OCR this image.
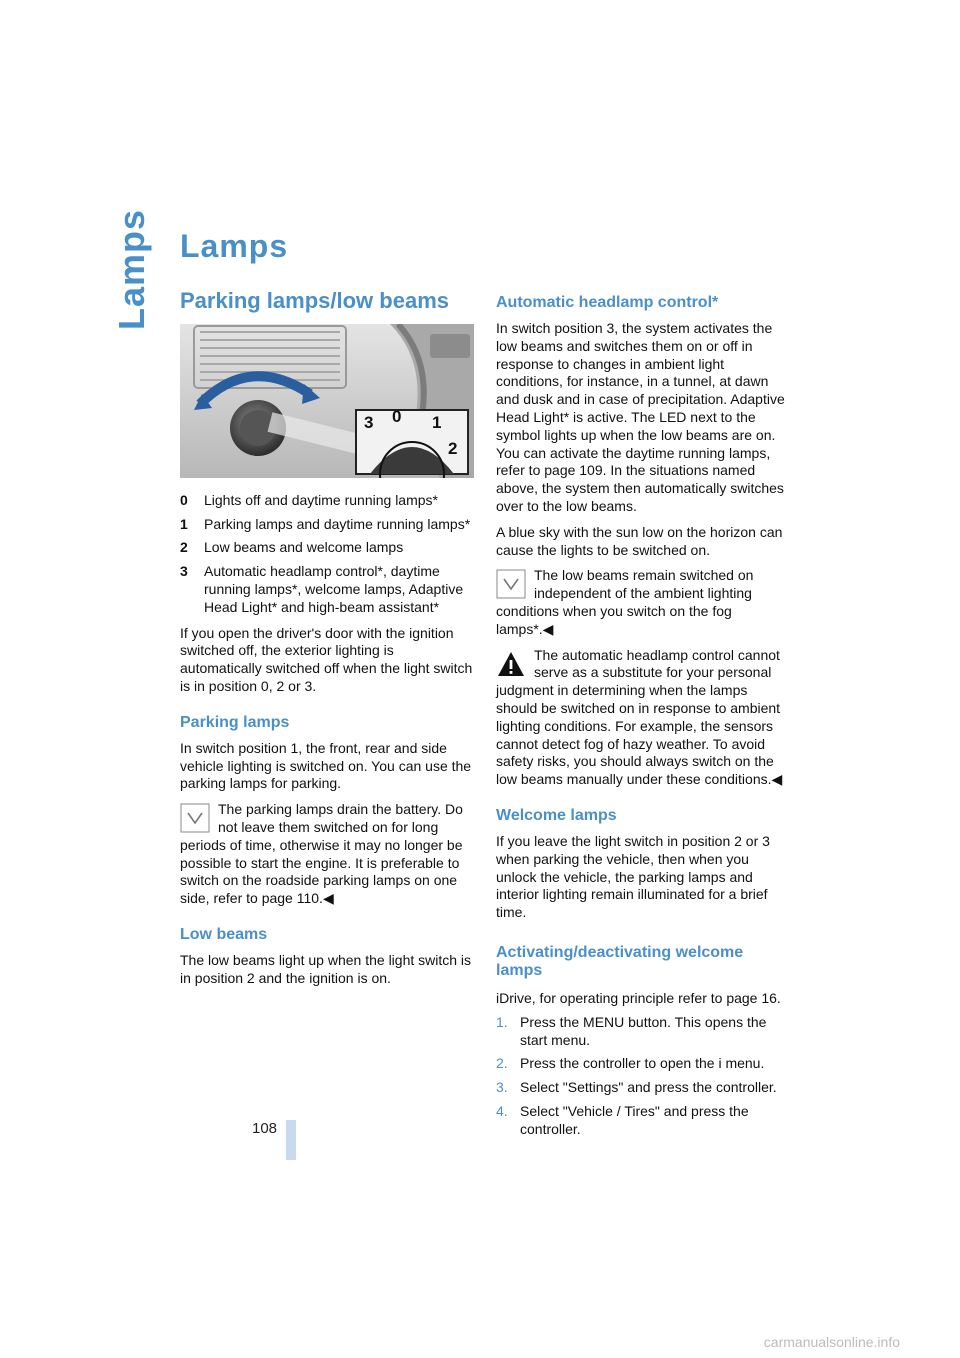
Lamps
108
carmanualsonline.info
Lamps
Parking lamps/low beams
3 0 1
2
0	Lights off and daytime running lamps*
1	Parking lamps and daytime running lamps*
2	Low beams and welcome lamps
3	Automatic headlamp control*, daytime running lamps*, welcome lamps, Adaptive Head Light* and high-beam assistant*

If you open the driver's door with the ignition switched off, the exterior lighting is automatically switched off when the light switch is in position 0, 2 or 3.

Parking lamps

In switch position 1, the front, rear and side vehicle lighting is switched on. You can use the parking lamps for parking.

The parking lamps drain the battery. Do not leave them switched on for long periods of time, otherwise it may no longer be possible to start the engine. It is preferable to switch on the roadside parking lamps on one side, refer to page 110.◀
Low beams

The low beams light up when the light switch is in position 2 and the ignition is on.

Automatic headlamp control*

In switch position 3, the system activates the low beams and switches them on or off in response to changes in ambient light conditions, for instance, in a tunnel, at dawn and dusk and in case of precipitation. Adaptive Head Light* is active. The LED next to the symbol lights up when the low beams are on. You can activate the daytime running lamps, refer to page 109. In the situations named above, the system then automatically switches over to the low beams.

A blue sky with the sun low on the horizon can cause the lights to be switched on.

The low beams remain switched on independent of the ambient lighting conditions when you switch on the fog lamps*.◀
The automatic headlamp control cannot serve as a substitute for your personal judgment in determining when the lamps should be switched on in response to ambient lighting conditions. For example, the sensors cannot detect fog of hazy weather. To avoid safety risks, you should always switch on the low beams manually under these conditions.◀
Welcome lamps

If you leave the light switch in position 2 or 3 when parking the vehicle, then when you unlock the vehicle, the parking lamps and interior lighting remain illuminated for a brief time.

Activating/deactivating welcome lamps

iDrive, for operating principle refer to page 16.

1. Press the MENU button. This opens the start menu.
2. Press the controller to open the i menu.
3. Select "Settings" and press the controller.
4. Select "Vehicle / Tires" and press the controller.
